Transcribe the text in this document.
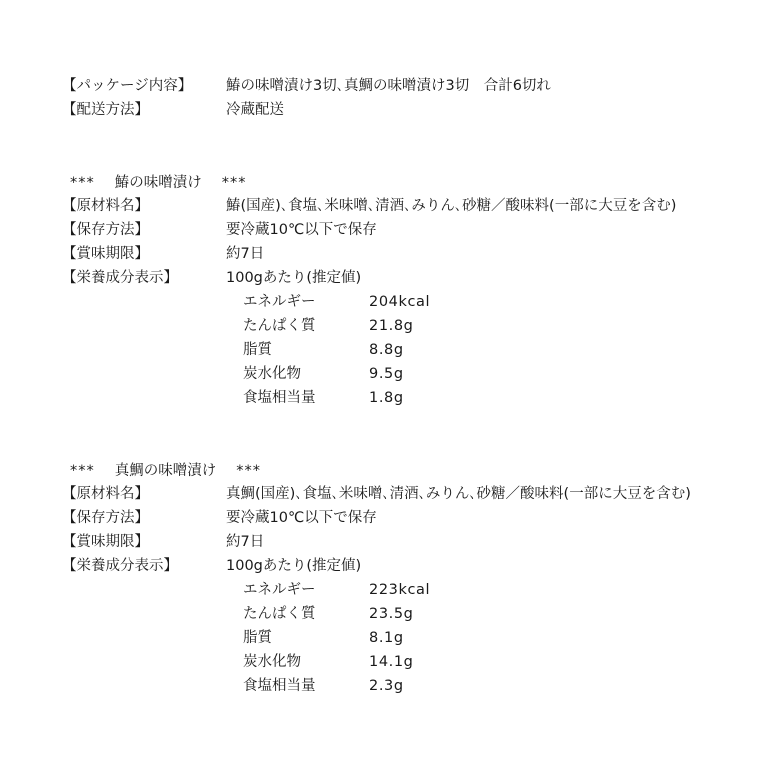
【パッケージ内容】 鰆の味噌漬け3切､真鯛の味噌漬け3切　合計6切れ
【配送方法】	冷蔵配送
*** 鰆の味噌漬け ***
【原材料名】	鰆(国産)､食塩､米味噌､清酒､みりん､砂糖／酸味料(一部に大豆を含む)
【保存方法】	要冷蔵10℃以下で保存
【賞味期限】	約7日
【栄養成分表示】	100gあたり(推定値)
エネルギー	204kcal
たんぱく質	21.8g
脂質	8.8g
炭水化物	9.5g
食塩相当量	1.8g
*** 真鯛の味噌漬け ***
【原材料名】	真鯛(国産)､食塩､米味噌､清酒､みりん､砂糖／酸味料(一部に大豆を含む)
【保存方法】	要冷蔵10℃以下で保存
【賞味期限】	約7日
【栄養成分表示】	100gあたり(推定値)
エネルギー	223kcal
たんぱく質	23.5g
脂質	8.1g
炭水化物	14.1g
食塩相当量	2.3g
